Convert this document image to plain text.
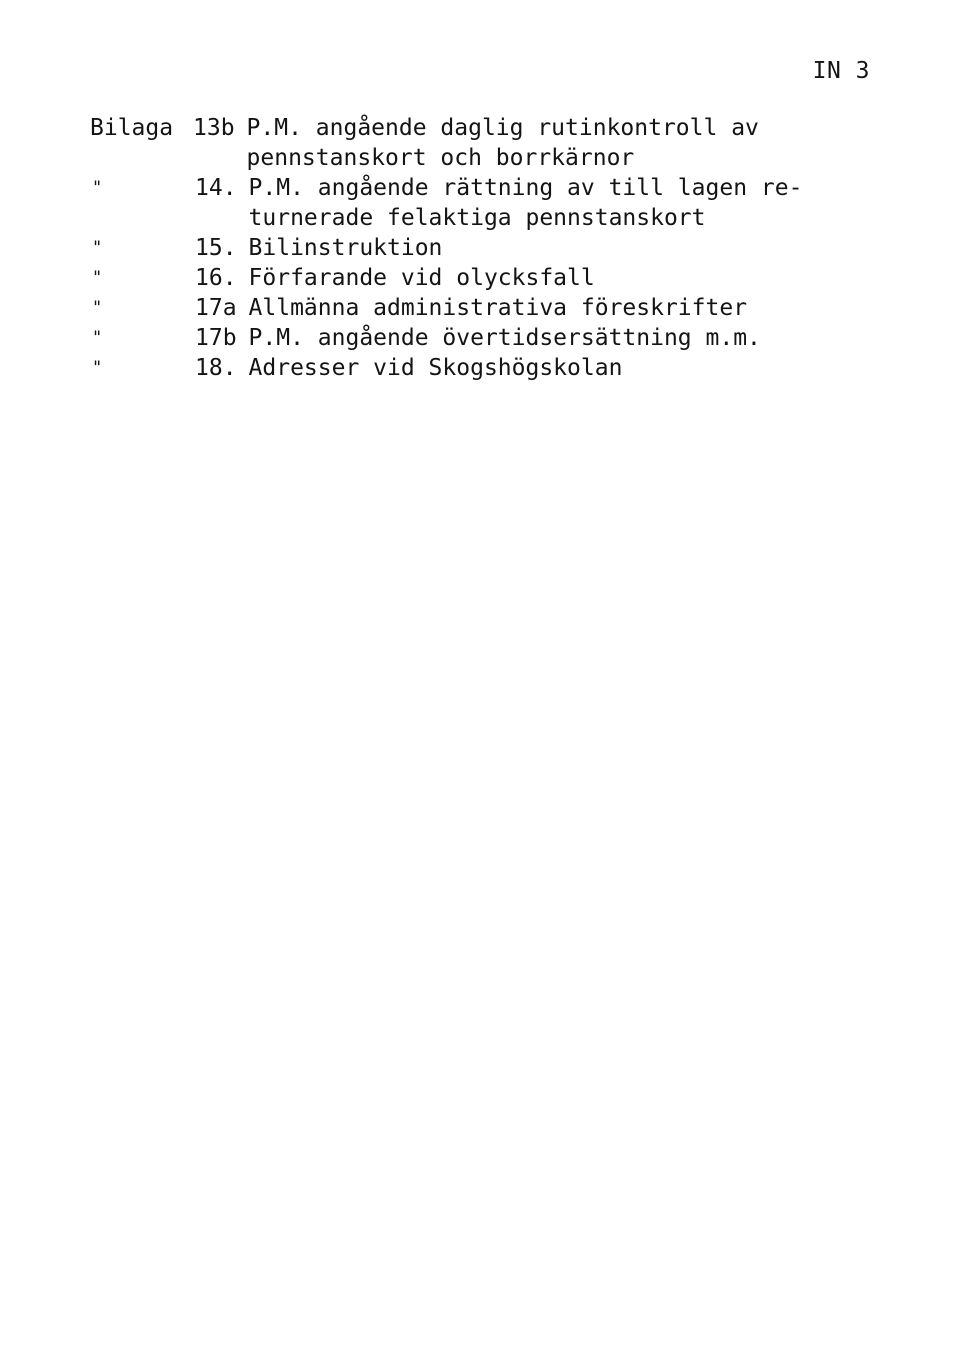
IN 3
Bilaga 13b P.M. angående daglig rutinkontroll av
pennstanskort och borrkärnor
"	14. P.M. angående rättning av till lagen re-
turnerade felaktiga pennstanskort
"	15. Bilinstruktion
"	16. Förfarande vid olycksfall
"	17a Allmänna administrativa föreskrifter
"	17b P.M. angående övertidsersättning m.m.
"	18. Adresser vid Skogshögskolan
